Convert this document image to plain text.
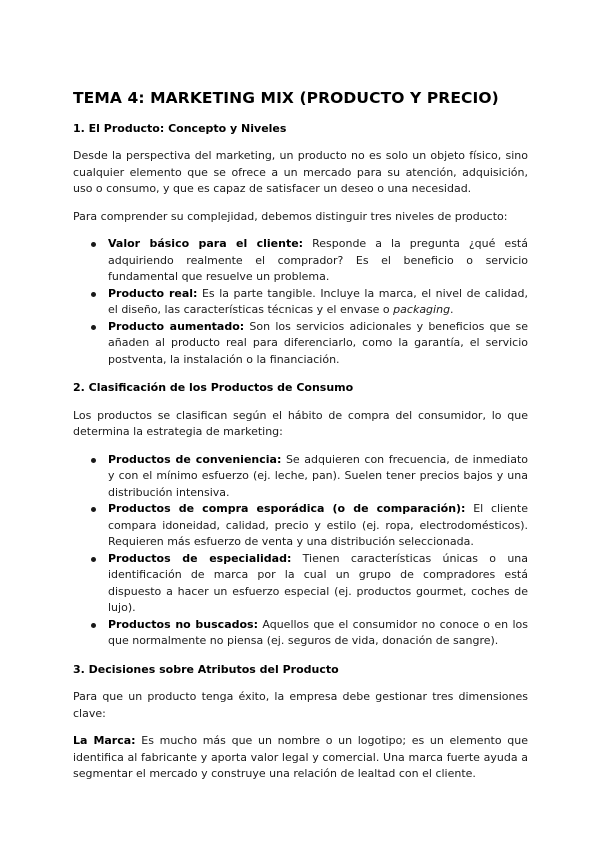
TEMA 4: MARKETING MIX (PRODUCTO Y PRECIO)
1. El Producto: Concepto y Niveles

Desde la perspectiva del marketing, un producto no es solo un objeto físico, sino cualquier elemento que se ofrece a un mercado para su atención, adquisición, uso o consumo, y que es capaz de satisfacer un deseo o una necesidad.

Para comprender su complejidad, debemos distinguir tres niveles de producto:

Valor básico para el cliente: Responde a la pregunta ¿qué está adquiriendo realmente el comprador? Es el beneficio o servicio fundamental que resuelve un problema.
Producto real: Es la parte tangible. Incluye la marca, el nivel de calidad, el diseño, las características técnicas y el envase o packaging.
Producto aumentado: Son los servicios adicionales y beneficios que se añaden al producto real para diferenciarlo, como la garantía, el servicio postventa, la instalación o la financiación.
2. Clasificación de los Productos de Consumo

Los productos se clasifican según el hábito de compra del consumidor, lo que determina la estrategia de marketing:

Productos de conveniencia: Se adquieren con frecuencia, de inmediato y con el mínimo esfuerzo (ej. leche, pan). Suelen tener precios bajos y una distribución intensiva.
Productos de compra esporádica (o de comparación): El cliente compara idoneidad, calidad, precio y estilo (ej. ropa, electrodomésticos). Requieren más esfuerzo de venta y una distribución seleccionada.
Productos de especialidad: Tienen características únicas o una identificación de marca por la cual un grupo de compradores está dispuesto a hacer un esfuerzo especial (ej. productos gourmet, coches de lujo).
Productos no buscados: Aquellos que el consumidor no conoce o en los que normalmente no piensa (ej. seguros de vida, donación de sangre).
3. Decisiones sobre Atributos del Producto

Para que un producto tenga éxito, la empresa debe gestionar tres dimensiones clave:

La Marca: Es mucho más que un nombre o un logotipo; es un elemento que identifica al fabricante y aporta valor legal y comercial. Una marca fuerte ayuda a segmentar el mercado y construye una relación de lealtad con el cliente.
